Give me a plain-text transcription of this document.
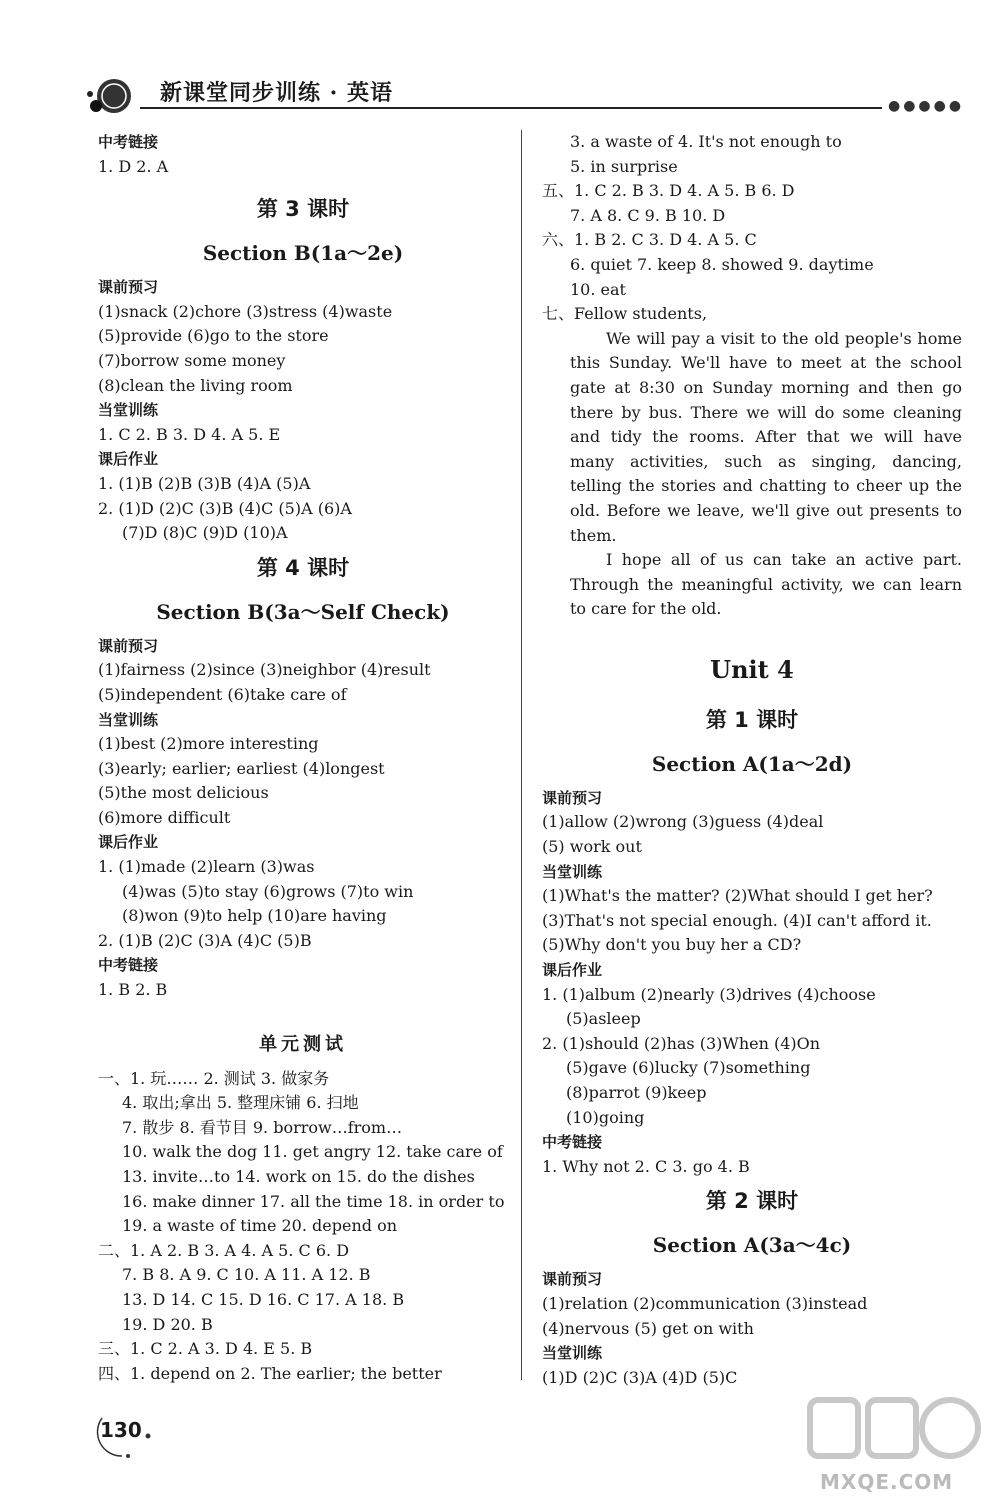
新课堂同步训练 · 英语	●●●●●
中考链接
1. D 2. A
第 3 课时
Section B(1a～2e)
课前预习
(1)snack (2)chore (3)stress (4)waste
(5)provide (6)go to the store
(7)borrow some money
(8)clean the living room
当堂训练
1. C 2. B 3. D 4. A 5. E
课后作业
1. (1)B (2)B (3)B (4)A (5)A
2. (1)D (2)C (3)B (4)C (5)A (6)A
(7)D (8)C (9)D (10)A
第 4 课时
Section B(3a～Self Check)
课前预习
(1)fairness (2)since (3)neighbor (4)result
(5)independent (6)take care of
当堂训练
(1)best (2)more interesting
(3)early; earlier; earliest (4)longest
(5)the most delicious
(6)more difficult
课后作业
1. (1)made (2)learn (3)was
(4)was (5)to stay (6)grows (7)to win
(8)won (9)to help (10)are having
2. (1)B (2)C (3)A (4)C (5)B
中考链接
1. B 2. B
单元测试
一、1. 玩…… 2. 测试 3. 做家务
4. 取出;拿出 5. 整理床铺 6. 扫地
7. 散步 8. 看节目 9. borrow…from…
10. walk the dog 11. get angry 12. take care of
13. invite…to 14. work on 15. do the dishes
16. make dinner 17. all the time 18. in order to
19. a waste of time 20. depend on
二、1. A 2. B 3. A 4. A 5. C 6. D
7. B 8. A 9. C 10. A 11. A 12. B
13. D 14. C 15. D 16. C 17. A 18. B
19. D 20. B
三、1. C 2. A 3. D 4. E 5. B
四、1. depend on 2. The earlier; the better
3. a waste of 4. It's not enough to
5. in surprise
五、1. C 2. B 3. D 4. A 5. B 6. D
7. A 8. C 9. B 10. D
六、1. B 2. C 3. D 4. A 5. C
6. quiet 7. keep 8. showed 9. daytime
10. eat
七、Fellow students,
We will pay a visit to the old people's home this Sunday. We'll have to meet at the school gate at 8:30 on Sunday morning and then go there by bus. There we will do some cleaning and tidy the rooms. After that we will have many activities, such as singing, dancing, telling the stories and chatting to cheer up the old. Before we leave, we'll give out presents to them.
I hope all of us can take an active part. Through the meaningful activity, we can learn to care for the old.
Unit 4
第 1 课时
Section A(1a～2d)
课前预习
(1)allow (2)wrong (3)guess (4)deal
(5) work out
当堂训练
(1)What's the matter? (2)What should I get her?
(3)That's not special enough. (4)I can't afford it.
(5)Why don't you buy her a CD?
课后作业
1. (1)album (2)nearly (3)drives (4)choose
(5)asleep
2. (1)should (2)has (3)When (4)On
(5)gave (6)lucky (7)something
(8)parrot (9)keep
(10)going
中考链接
1. Why not 2. C 3. go 4. B
第 2 课时
Section A(3a～4c)
课前预习
(1)relation (2)communication (3)instead
(4)nervous (5) get on with
当堂训练
(1)D (2)C (3)A (4)D (5)C
130
MXQE.COM
